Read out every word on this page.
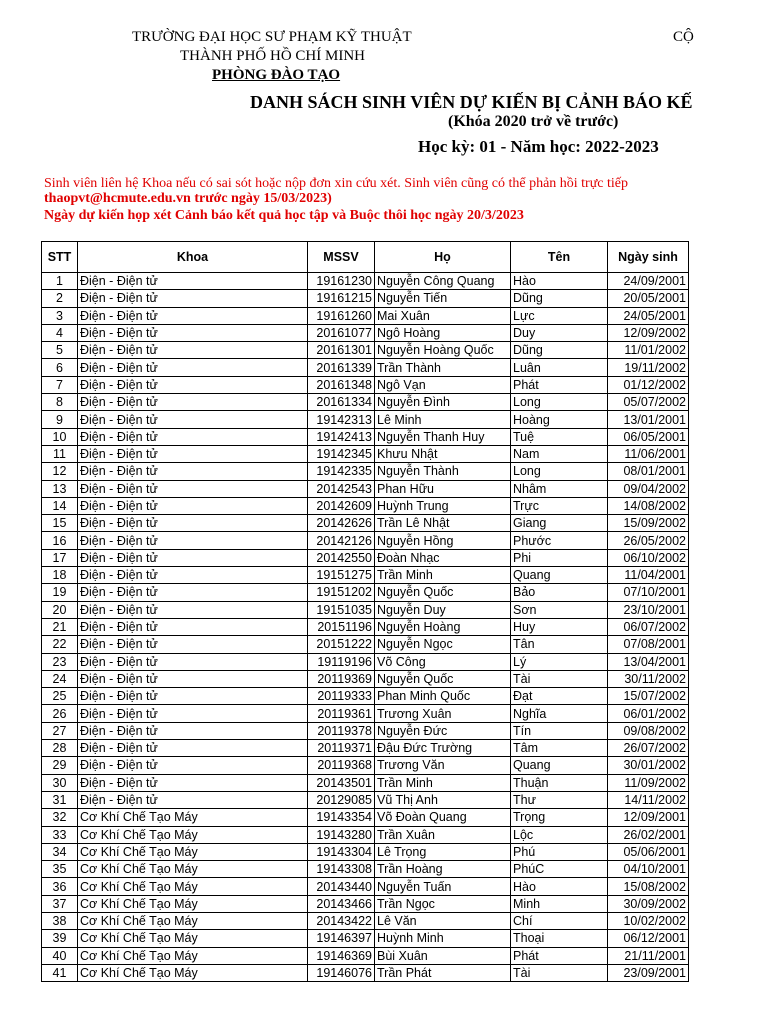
TRƯỜNG ĐẠI HỌC SƯ PHẠM KỸ THUẬT	CỘ
THÀNH PHỐ HỒ CHÍ MINH
PHÒNG ĐÀO TẠO
DANH SÁCH SINH VIÊN DỰ KIẾN BỊ CẢNH BÁO KẾ
(Khóa 2020 trở về trước)
Học kỳ: 01 - Năm học: 2022-2023
Sinh viên liên hệ Khoa nếu có sai sót hoặc nộp đơn xin cứu xét. Sinh viên cũng có thể phản hồi trực tiếp
thaopvt@hcmute.edu.vn trước ngày 15/03/2023)
Ngày dự kiến họp xét Cảnh báo kết quả học tập và Buộc thôi học ngày 20/3/2023
STT	Khoa	MSSV	Họ	Tên	Ngày sinh
1	Điện - Điện tử	19161230	Nguyễn Công Quang	Hào	24/09/2001
2	Điện - Điện tử	19161215	Nguyễn Tiến	Dũng	20/05/2001
3	Điện - Điện tử	19161260	Mai Xuân	Lực	24/05/2001
4	Điện - Điện tử	20161077	Ngô Hoàng	Duy	12/09/2002
5	Điện - Điện tử	20161301	Nguyễn Hoàng Quốc	Dũng	11/01/2002
6	Điện - Điện tử	20161339	Trần Thành	Luân	19/11/2002
7	Điện - Điện tử	20161348	Ngô Vạn	Phát	01/12/2002
8	Điện - Điện tử	20161334	Nguyễn Đình	Long	05/07/2002
9	Điện - Điện tử	19142313	Lê Minh	Hoàng	13/01/2001
10	Điện - Điện tử	19142413	Nguyễn Thanh Huy	Tuệ	06/05/2001
11	Điện - Điện tử	19142345	Khưu Nhật	Nam	11/06/2001
12	Điện - Điện tử	19142335	Nguyễn Thành	Long	08/01/2001
13	Điện - Điện tử	20142543	Phan Hữu	Nhâm	09/04/2002
14	Điện - Điện tử	20142609	Huỳnh Trung	Trực	14/08/2002
15	Điện - Điện tử	20142626	Trần Lê Nhật	Giang	15/09/2002
16	Điện - Điện tử	20142126	Nguyễn Hồng	Phước	26/05/2002
17	Điện - Điện tử	20142550	Đoàn Nhạc	Phi	06/10/2002
18	Điện - Điện tử	19151275	Trần Minh	Quang	11/04/2001
19	Điện - Điện tử	19151202	Nguyễn Quốc	Bảo	07/10/2001
20	Điện - Điện tử	19151035	Nguyễn Duy	Sơn	23/10/2001
21	Điện - Điện tử	20151196	Nguyễn Hoàng	Huy	06/07/2002
22	Điện - Điện tử	20151222	Nguyễn Ngọc	Tân	07/08/2001
23	Điện - Điện tử	19119196	Võ Công	Lý	13/04/2001
24	Điện - Điện tử	20119369	Nguyễn Quốc	Tài	30/11/2002
25	Điện - Điện tử	20119333	Phan Minh Quốc	Đạt	15/07/2002
26	Điện - Điện tử	20119361	Trương Xuân	Nghĩa	06/01/2002
27	Điện - Điện tử	20119378	Nguyễn Đức	Tín	09/08/2002
28	Điện - Điện tử	20119371	Đậu Đức Trường	Tâm	26/07/2002
29	Điện - Điện tử	20119368	Trương Văn	Quang	30/01/2002
30	Điện - Điện tử	20143501	Trần Minh	Thuận	11/09/2002
31	Điện - Điện tử	20129085	Vũ Thị Anh	Thư	14/11/2002
32	Cơ Khí Chế Tạo Máy	19143354	Võ Đoàn Quang	Trọng	12/09/2001
33	Cơ Khí Chế Tạo Máy	19143280	Trần Xuân	Lộc	26/02/2001
34	Cơ Khí Chế Tạo Máy	19143304	Lê Trọng	Phú	05/06/2001
35	Cơ Khí Chế Tạo Máy	19143308	Trần Hoàng	PhúC	04/10/2001
36	Cơ Khí Chế Tạo Máy	20143440	Nguyễn Tuấn	Hào	15/08/2002
37	Cơ Khí Chế Tạo Máy	20143466	Trần Ngọc	Minh	30/09/2002
38	Cơ Khí Chế Tạo Máy	20143422	Lê Văn	Chí	10/02/2002
39	Cơ Khí Chế Tạo Máy	19146397	Huỳnh Minh	Thoại	06/12/2001
40	Cơ Khí Chế Tạo Máy	19146369	Bùi Xuân	Phát	21/11/2001
41	Cơ Khí Chế Tạo Máy	19146076	Trần Phát	Tài	23/09/2001
